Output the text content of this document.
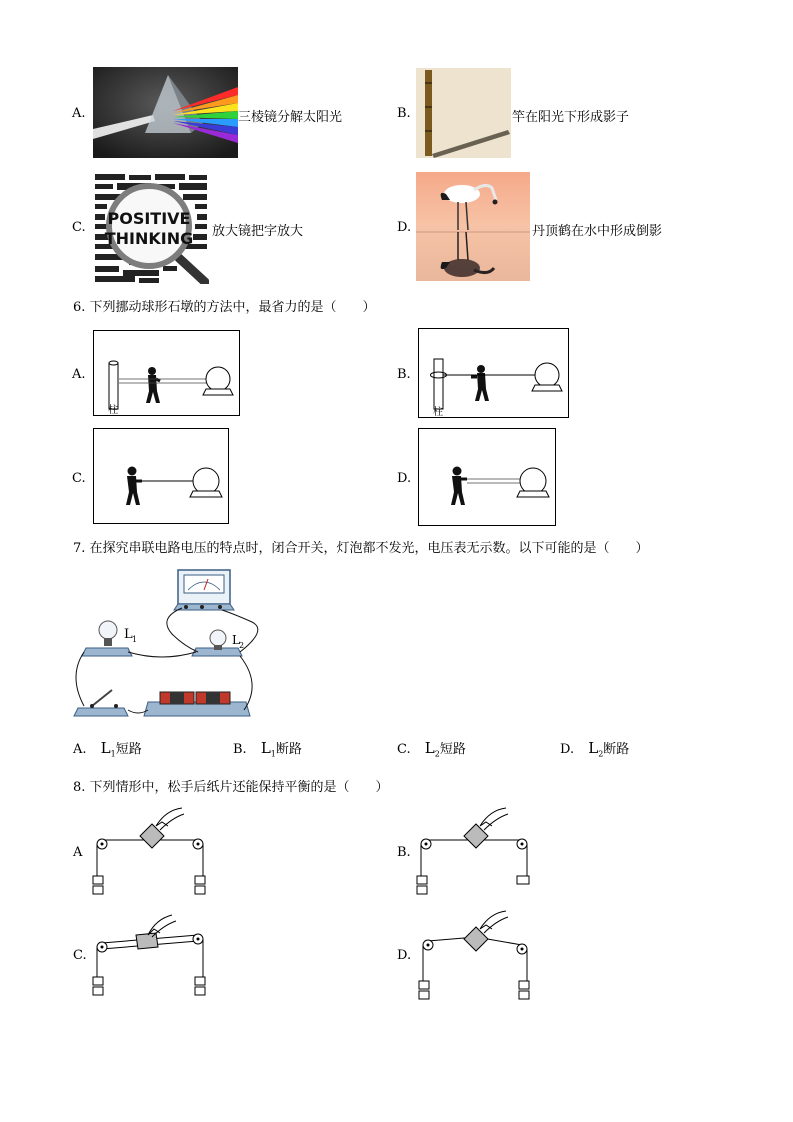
A.	三棱镜分解太阳光	B.	竿在阳光下形成影子
C. POSITIVE
THINKING 放大镜把字放大	D.	丹顶鹤在水中形成倒影
6. 下列挪动球形石墩的方法中，最省力的是（　　）
A.
柱
B.
柱
C.	D.
7. 在探究串联电路电压的特点时，闭合开关，灯泡都不发光，电压表无示数。以下可能的是（　　）
L 1	L 2
A. $L_1$短路	B. $L_1$断路	C. $L_2$短路	D. $L_2$断路
8. 下列情形中，松手后纸片还能保持平衡的是（　　）
A	B.
C.	D.
